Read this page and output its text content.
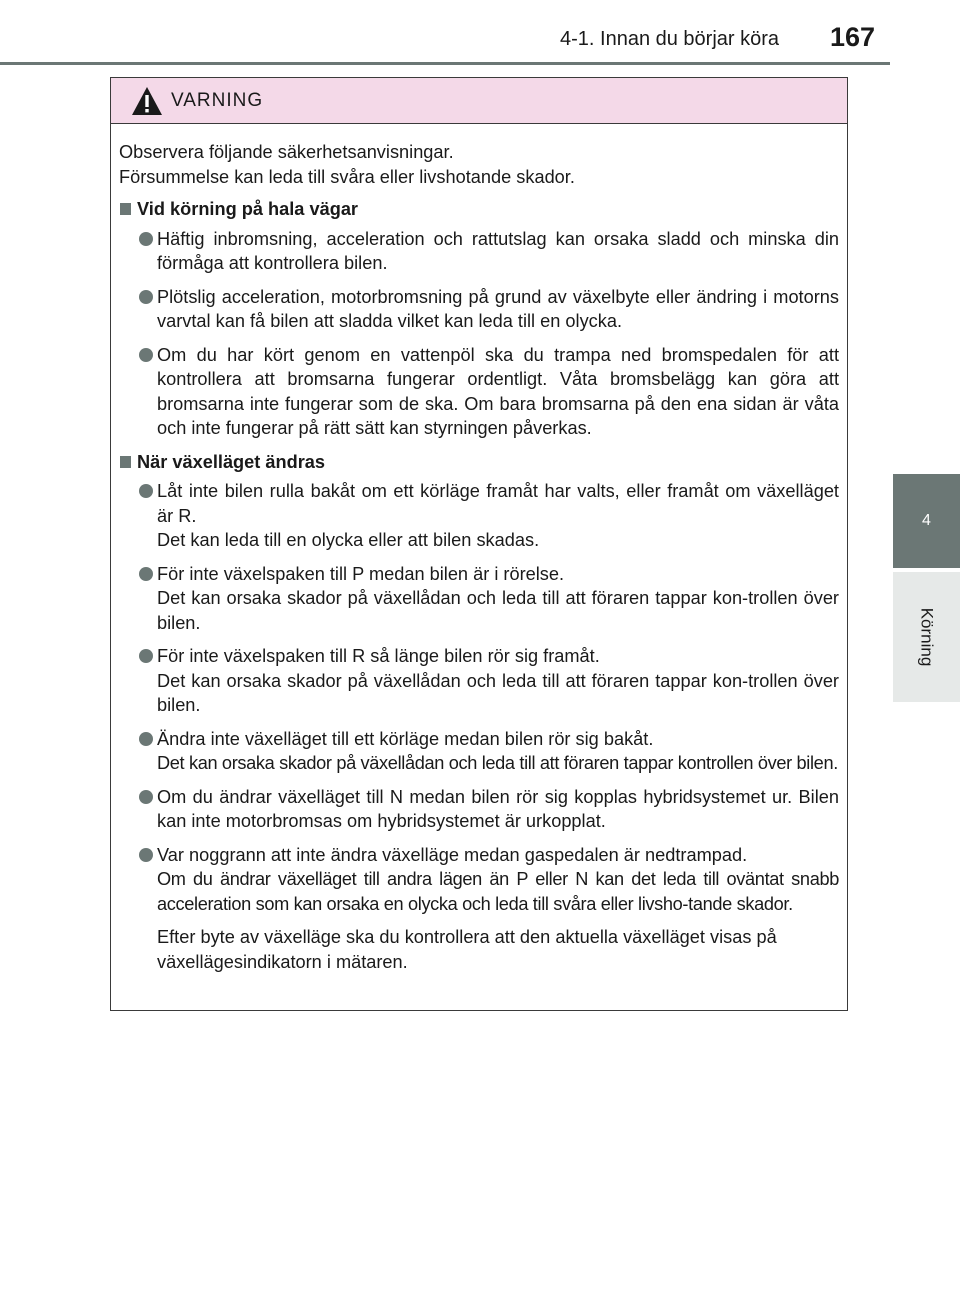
4-1. Innan du börjar köra 167
4
Körning
VARNING

Observera följande säkerhetsanvisningar.

Försummelse kan leda till svåra eller livshotande skador.

Vid körning på hala vägar

Häftig inbromsning, acceleration och rattutslag kan orsaka sladd och minska din förmåga att kontrollera bilen.

Plötslig acceleration, motorbromsning på grund av växelbyte eller ändring i motorns varvtal kan få bilen att sladda vilket kan leda till en olycka.

Om du har kört genom en vattenpöl ska du trampa ned bromspedalen för att kontrollera att bromsarna fungerar ordentligt. Våta bromsbelägg kan göra att bromsarna inte fungerar som de ska. Om bara bromsarna på den ena sidan är våta och inte fungerar på rätt sätt kan styrningen påverkas.

När växelläget ändras

Låt inte bilen rulla bakåt om ett körläge framåt har valts, eller framåt om växelläget är R.

Det kan leda till en olycka eller att bilen skadas.

För inte växelspaken till P medan bilen är i rörelse.

Det kan orsaka skador på växellådan och leda till att föraren tappar kon-trollen över bilen.

För inte växelspaken till R så länge bilen rör sig framåt.

Det kan orsaka skador på växellådan och leda till att föraren tappar kon-trollen över bilen.

Ändra inte växelläget till ett körläge medan bilen rör sig bakåt.

Det kan orsaka skador på växellådan och leda till att föraren tappar kontrollen över bilen.

Om du ändrar växelläget till N medan bilen rör sig kopplas hybridsystemet ur. Bilen kan inte motorbromsas om hybridsystemet är urkopplat.

Var noggrann att inte ändra växelläge medan gaspedalen är nedtrampad.

Om du ändrar växelläget till andra lägen än P eller N kan det leda till oväntat snabb acceleration som kan orsaka en olycka och leda till svåra eller livsho-tande skador.

Efter byte av växelläge ska du kontrollera att den aktuella växelläget visas på växellägesindikatorn i mätaren.
